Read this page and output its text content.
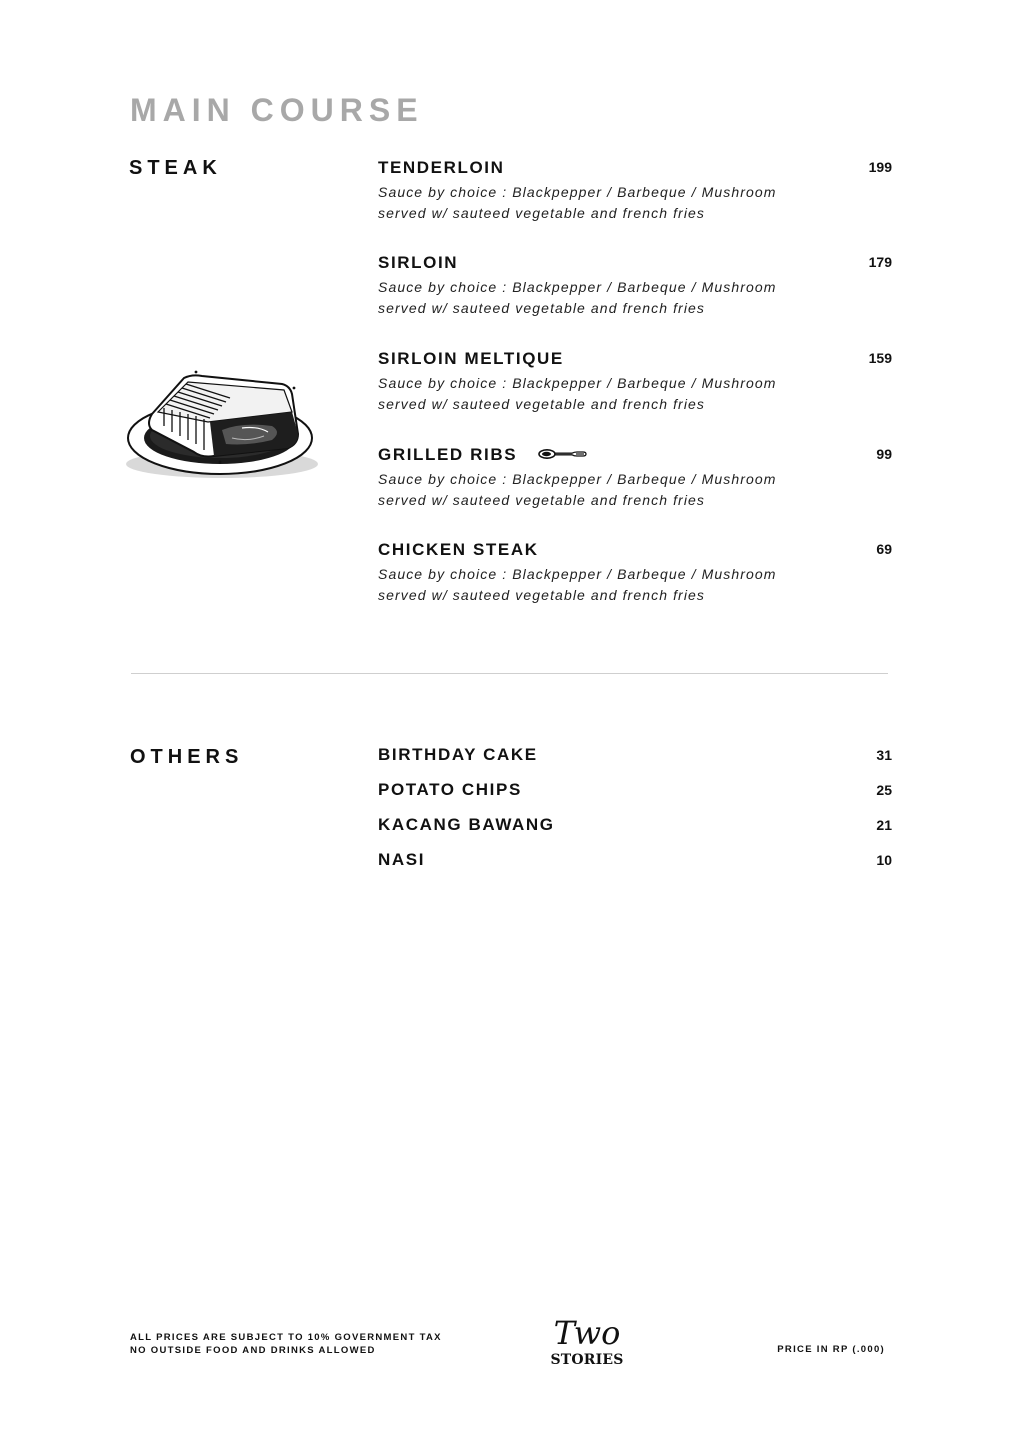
MAIN COURSE
STEAK	TENDERLOIN	199
Sauce by choice : Blackpepper / Barbeque / Mushroom
served w/ sauteed vegetable and french fries
SIRLOIN	179
Sauce by choice : Blackpepper / Barbeque / Mushroom
served w/ sauteed vegetable and french fries
SIRLOIN MELTIQUE	159
Sauce by choice : Blackpepper / Barbeque / Mushroom
served w/ sauteed vegetable and french fries
GRILLED RIBS	99
Sauce by choice : Blackpepper / Barbeque / Mushroom
served w/ sauteed vegetable and french fries
CHICKEN STEAK	69
Sauce by choice : Blackpepper / Barbeque / Mushroom
served w/ sauteed vegetable and french fries
OTHERS	BIRTHDAY CAKE	31
POTATO CHIPS	25
KACANG BAWANG	21
NASI	10
ALL PRICES ARE SUBJECT TO 10% GOVERNMENT TAX
NO OUTSIDE FOOD AND DRINKS ALLOWED	Two
STORIES
PRICE IN RP (.000)
